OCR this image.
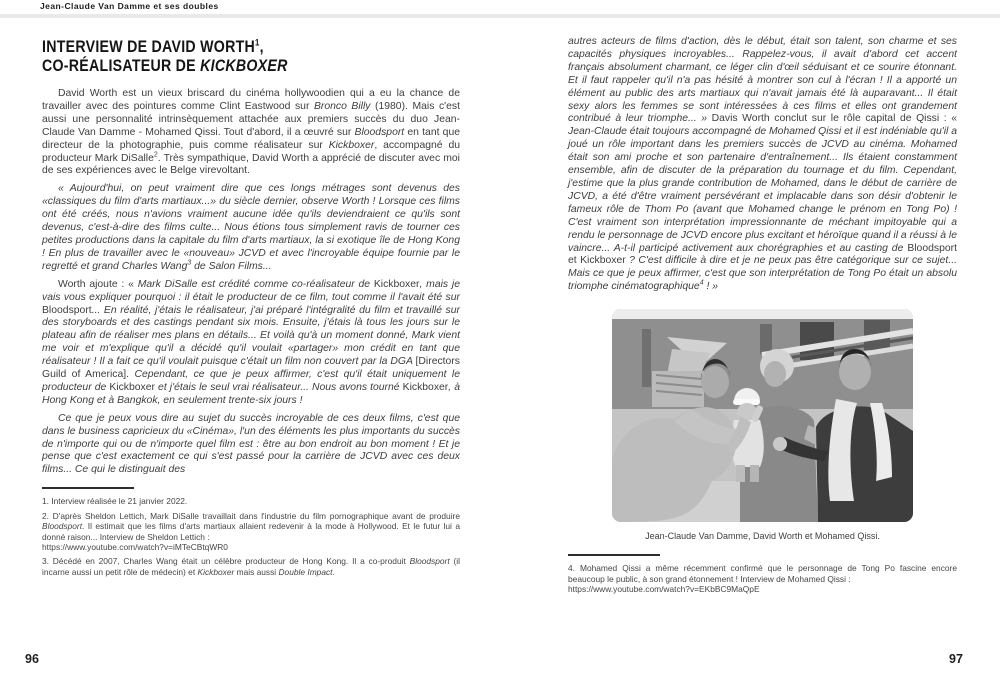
Jean-Claude Van Damme et ses doubles
INTERVIEW DE DAVID WORTH$^1$,
CO-RÉALISATEUR DE KICKBOXER

David Worth est un vieux briscard du cinéma hollywoodien qui a eu la chance de travailler avec des pointures comme Clint Eastwood sur Bronco Billy (1980). Mais c'est aussi une personnalité intrinsèquement attachée aux premiers succès du duo Jean-Claude Van Damme - Mohamed Qissi. Tout d'abord, il a œuvré sur Bloodsport en tant que directeur de la photographie, puis comme réalisateur sur Kickboxer, accompagné du producteur Mark DiSalle$^2$. Très sympathique, David Worth a apprécié de discuter avec moi de ses expériences avec le Belge virevoltant.

« Aujourd'hui, on peut vraiment dire que ces longs métrages sont devenus des «classiques du film d'arts martiaux...» du siècle dernier, observe Worth ! Lorsque ces films ont été créés, nous n'avions vraiment aucune idée qu'ils deviendraient ce qu'ils sont devenus, c'est-à-dire des films culte... Nous étions tous simplement ravis de tourner ces petites productions dans la capitale du film d'arts martiaux, la si exotique île de Hong Kong ! En plus de travailler avec le «nouveau» JCVD et avec l'incroyable équipe fournie par le regretté et grand Charles Wang$^3$ de Salon Films...

Worth ajoute : « Mark DiSalle est crédité comme co-réalisateur de Kickboxer, mais je vais vous expliquer pourquoi : il était le producteur de ce film, tout comme il l'avait été sur Bloodsport... En réalité, j'étais le réalisateur, j'ai préparé l'intégralité du film et travaillé sur des storyboards et des castings pendant six mois. Ensuite, j'étais là tous les jours sur le plateau afin de réaliser mes plans en détails... Et voilà qu'à un moment donné, Mark vient me voir et m'explique qu'il a décidé qu'il voulait «partager» mon crédit en tant que réalisateur ! Il a fait ce qu'il voulait puisque c'était un film non couvert par la DGA [Directors Guild of America]. Cependant, ce que je peux affirmer, c'est qu'il était uniquement le producteur de Kickboxer et j'étais le seul vrai réalisateur... Nous avons tourné Kickboxer, à Hong Kong et à Bangkok, en seulement trente-six jours !

Ce que je peux vous dire au sujet du succès incroyable de ces deux films, c'est que dans le business capricieux du «Cinéma», l'un des éléments les plus importants du succès de n'importe qui ou de n'importe quel film est : être au bon endroit au bon moment ! Et je pense que c'est exactement ce qui s'est passé pour la carrière de JCVD avec ces deux films... Ce qui le distinguait des

1. Interview réalisée le 21 janvier 2022.

2. D'après Sheldon Lettich, Mark DiSalle travaillait dans l'industrie du film pornographique avant de produire Bloodsport. Il estimait que les films d'arts martiaux allaient redevenir à la mode à Hollywood. Et le futur lui a donné raison... Interview de Sheldon Lettich :
https://www.youtube.com/watch?v=iMTeCBtqWR0

3. Décédé en 2007, Charles Wang était un célèbre producteur de Hong Kong. Il a co-produit Bloodsport (il incarne aussi un petit rôle de médecin) et Kickboxer mais aussi Double Impact.

autres acteurs de films d'action, dès le début, était son talent, son charme et ses capacités physiques incroyables... Rappelez-vous, il avait d'abord cet accent français absolument charmant, ce léger clin d'œil séduisant et ce sourire étonnant. Et il faut rappeler qu'il n'a pas hésité à montrer son cul à l'écran ! Il a apporté un élément au public des arts martiaux qui n'avait jamais été là auparavant... Il était sexy alors les femmes se sont intéressées à ces films et elles ont grandement contribué à leur triomphe... » Davis Worth conclut sur le rôle capital de Qissi : « Jean-Claude était toujours accompagné de Mohamed Qissi et il est indéniable qu'il a joué un rôle important dans les premiers succès de JCVD au cinéma. Mohamed était son ami proche et son partenaire d'entraînement... Ils étaient constamment ensemble, afin de discuter de la préparation du tournage et du film. Cependant, j'estime que la plus grande contribution de Mohamed, dans le début de carrière de JCVD, a été d'être vraiment persévérant et implacable dans son désir d'obtenir le fameux rôle de Thom Po (avant que Mohamed change le prénom en Tong Po) ! C'est vraiment son interprétation impressionnante de méchant impitoyable qui a rendu le personnage de JCVD encore plus excitant et héroïque quand il a réussi à le vaincre... A-t-il participé activement aux chorégraphies et au casting de Bloodsport et Kickboxer ? C'est difficile à dire et je ne peux pas être catégorique sur ce sujet... Mais ce que je peux affirmer, c'est que son interprétation de Tong Po était un absolu triomphe cinématographique$^4$ ! »

Jean-Claude Van Damme, David Worth et Mohamed Qissi.

4. Mohamed Qissi a même récemment confirmé que le personnage de Tong Po fascine encore beaucoup le public, à son grand étonnement ! Interview de Mohamed Qissi :
https://www.youtube.com/watch?v=EKbBC9MaQpE

96	97
